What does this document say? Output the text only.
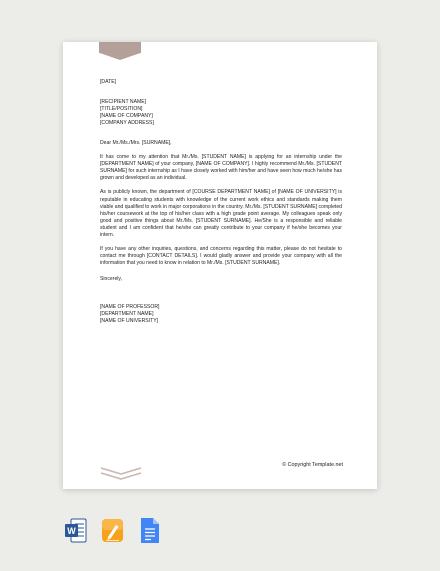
[DATE]
[RECIPIENT NAME]
[TITLE/POSITION]
[NAME OF COMPANY]
[COMPANY ADDRESS]
Dear Mr./Ms./Mrs. [SURNAME],

It has come to my attention that Mr./Ms. [STUDENT NAME] is applying for an internship under the [DEPARTMENT NAME] of your company, [NAME OF COMPANY]. I highly recommend Mr./Ms. [STUDENT SURNAME] for such internship as I have closely worked with him/her and have seen how much he/she has grown and developed as an individual.

As is publicly known, the department of [COURSE DEPARTMENT NAME] of [NAME OF UNIVERSITY] is reputable in educating students with knowledge of the current work ethics and standards making them viable and qualified to work in major corporations in the country. Mr./Ms. [STUDENT SURNAME] completed his/her coursework at the top of his/her class with a high grade point average. My colleagues speak only good and positive things about Mr./Ms. [STUDENT SURNAME]. He/She is a responsible and reliable student and I am confident that he/she can greatly contribute to your company if he/she becomes your intern.

If you have any other inquiries, questions, and concerns regarding this matter, please do not hesitate to contact me through [CONTACT DETAILS]. I would gladly answer and provide your company with all the information that you need to know in relation to Mr./Ms. [STUDENT SURNAME].

Sincerely,
[NAME OF PROFESSOR]
[DEPARTMENT NAME]
[NAME OF UNIVERSITY]
© Copyright Template.net
W
